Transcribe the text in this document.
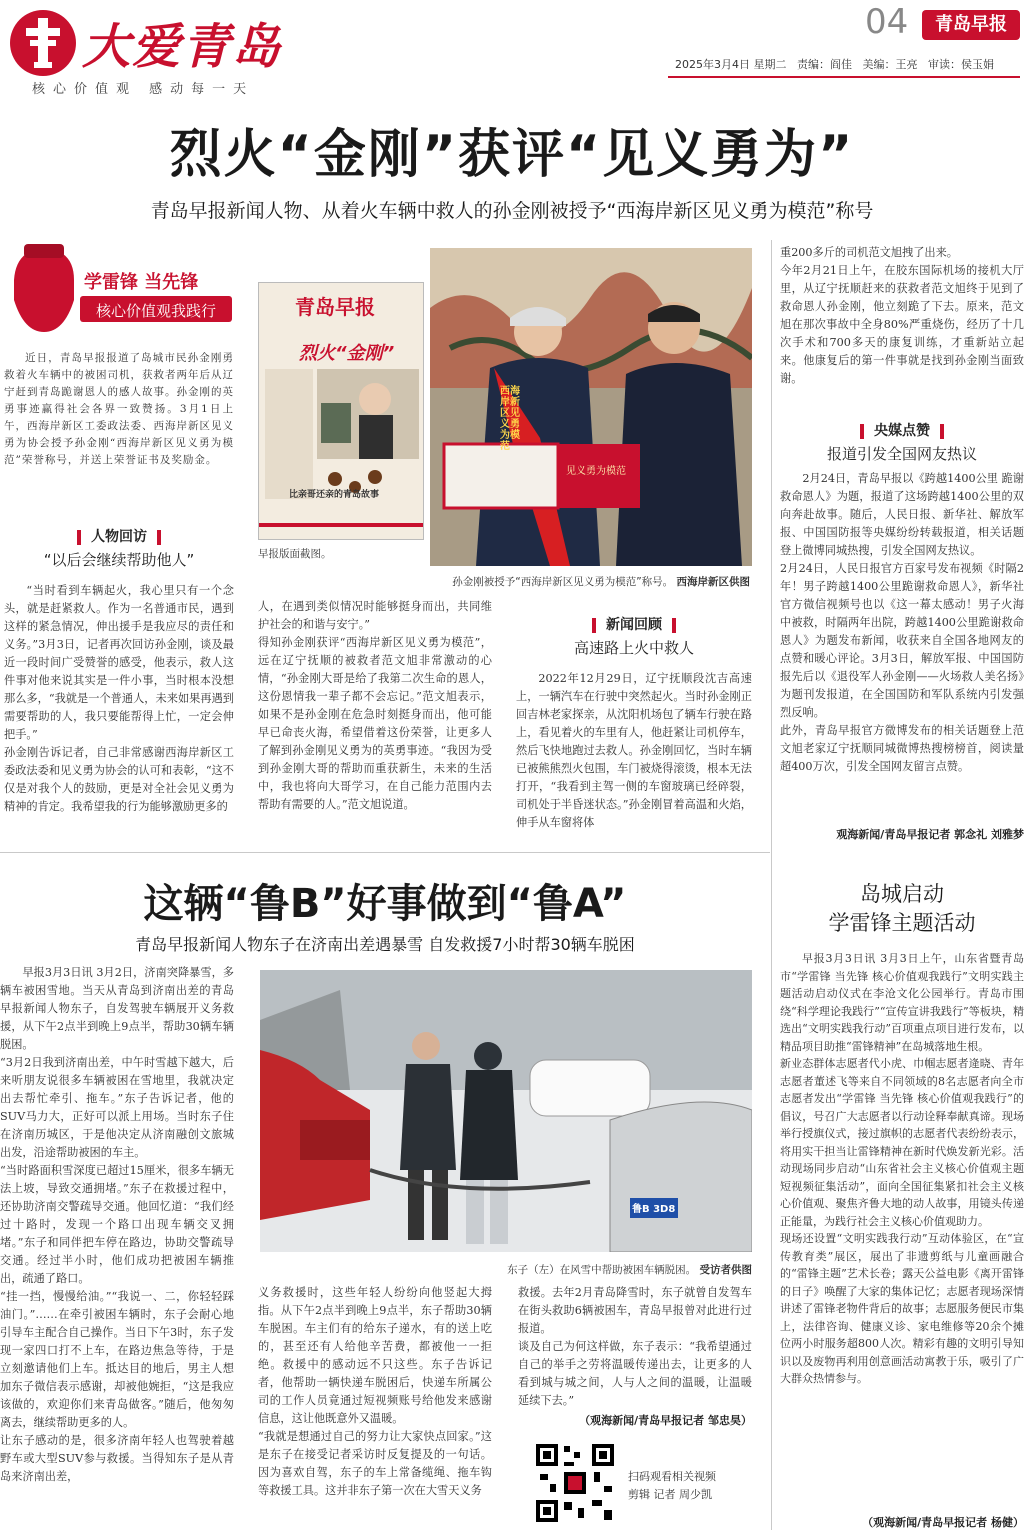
大爱青岛
核心价值观 感动每一天
04	青岛早报
2025年3月4日 星期二 责编：阎佳 美编：王亮 审读：侯玉娟
烈火“金刚”获评“见义勇为”
青岛早报新闻人物、从着火车辆中救人的孙金刚被授予“西海岸新区见义勇为模范”称号
学雷锋 当先锋
核心价值观我践行

近日，青岛早报报道了岛城市民孙金刚勇救着火车辆中的被困司机，获救者两年后从辽宁赶到青岛跪谢恩人的感人故事。孙金刚的英勇事迹赢得社会各界一致赞扬。3月1日上午，西海岸新区工委政法委、西海岸新区见义勇为协会授予孙金刚“西海岸新区见义勇为模范”荣誉称号，并送上荣誉证书及奖励金。

人物回访
“以后会继续帮助他人”
“当时看到车辆起火，我心里只有一个念头，就是赶紧救人。作为一名普通市民，遇到这样的紧急情况，伸出援手是我应尽的责任和义务。”3月3日，记者再次回访孙金刚，谈及最近一段时间广受赞誉的感受，他表示，救人这件事对他来说其实是一件小事，当时根本没想那么多，“我就是一个普通人，未来如果再遇到需要帮助的人，我只要能帮得上忙，一定会伸把手。”
孙金刚告诉记者，自己非常感谢西海岸新区工委政法委和见义勇为协会的认可和表彰，“这不仅是对我个人的鼓励，更是对全社会见义勇为精神的肯定。我希望我的行为能够激励更多的
青岛早报
烈火“金刚”
比亲哥还亲的青岛故事
早报版面截图。
西海岸新区见义勇为模范
见义勇为模范
孙金刚被授予“西海岸新区见义勇为模范”称号。 西海岸新区供图
人，在遇到类似情况时能够挺身而出，共同维护社会的和谐与安宁。”
得知孙金刚获评“西海岸新区见义勇为模范”，远在辽宁抚顺的被救者范文旭非常激动的心情，“孙金刚大哥是给了我第二次生命的恩人，这份恩情我一辈子都不会忘记。”范文旭表示，如果不是孙金刚在危急时刻挺身而出，他可能早已命丧火海，希望借着这份荣誉，让更多人了解到孙金刚见义勇为的英勇事迹。“我因为受到孙金刚大哥的帮助而重获新生，未来的生活中，我也将向大哥学习，在自己能力范围内去帮助有需要的人。”范文旭说道。
新闻回顾
高速路上火中救人

2022年12月29日，辽宁抚顺段沈吉高速上，一辆汽车在行驶中突然起火。当时孙金刚正回吉林老家探亲，从沈阳机场包了辆车行驶在路上，看见着火的车里有人，他赶紧让司机停车，然后飞快地跑过去救人。孙金刚回忆，当时车辆已被熊熊烈火包围，车门被烧得滚烫，根本无法打开，“我看到主驾一侧的车窗玻璃已经碎裂，司机处于半昏迷状态。”孙金刚冒着高温和火焰，伸手从车窗将体

重200多斤的司机范文旭拽了出来。
今年2月21日上午，在胶东国际机场的接机大厅里，从辽宁抚顺赶来的获救者范文旭终于见到了救命恩人孙金刚，他立刻跪了下去。原来，范文旭在那次事故中全身80%严重烧伤，经历了十几次手术和700多天的康复训练，才重新站立起来。他康复后的第一件事就是找到孙金刚当面致谢。
央媒点赞
报道引发全国网友热议
2月24日，青岛早报以《跨越1400公里 跪谢救命恩人》为题，报道了这场跨越1400公里的双向奔赴故事。随后，人民日报、新华社、解放军报、中国国防报等央媒纷纷转载报道，相关话题登上微博同城热搜，引发全国网友热议。
2月24日，人民日报官方百家号发布视频《时隔2年！男子跨越1400公里跪谢救命恩人》，新华社官方微信视频号也以《这一幕太感动！男子火海中被救，时隔两年出院，跨越1400公里跪谢救命恩人》为题发布新闻，收获来自全国各地网友的点赞和暖心评论。3月3日，解放军报、中国国防报先后以《退役军人孙金刚——火场救人美名扬》为题刊发报道，在全国国防和军队系统内引发强烈反响。
此外，青岛早报官方微博发布的相关话题登上范文旭老家辽宁抚顺同城微博热搜榜榜首，阅读量超400万次，引发全国网友留言点赞。
观海新闻/青岛早报记者 郭念礼 刘雅梦
这辆“鲁B”好事做到“鲁A”
青岛早报新闻人物东子在济南出差遇暴雪 自发救援7小时帮30辆车脱困
早报3月3日讯 3月2日，济南突降暴雪，多辆车被困雪地。当天从青岛到济南出差的青岛早报新闻人物东子，自发驾驶车辆展开义务救援，从下午2点半到晚上9点半，帮助30辆车辆脱困。
“3月2日我到济南出差，中午时雪越下越大，后来听朋友说很多车辆被困在雪地里，我就决定出去帮忙牵引、拖车。”东子告诉记者，他的SUV马力大，正好可以派上用场。当时东子住在济南历城区，于是他决定从济南融创文旅城出发，沿途帮助被困的车主。
“当时路面积雪深度已超过15厘米，很多车辆无法上坡，导致交通拥堵。”东子在救援过程中，还协助济南交警疏导交通。他回忆道：“我们经过十路时，发现一个路口出现车辆交叉拥堵。”东子和同伴把车停在路边，协助交警疏导交通。经过半小时，他们成功把被困车辆推出，疏通了路口。
“挂一挡，慢慢给油。”“我说一、二，你轻轻踩油门。”……在牵引被困车辆时，东子会耐心地引导车主配合自己操作。当日下午3时，东子发现一家四口打不上车，在路边焦急等待，于是立刻邀请他们上车。抵达目的地后，男主人想加东子微信表示感谢，却被他婉拒，“这是我应该做的，欢迎你们来青岛做客。”随后，他匆匆离去，继续帮助更多的人。
让东子感动的是，很多济南年轻人也驾驶着越野车或大型SUV参与救援。当得知东子是从青岛来济南出差，
鲁B 3D8
东子（左）在风雪中帮助被困车辆脱困。 受访者供图
义务救援时，这些年轻人纷纷向他竖起大拇指。从下午2点半到晚上9点半，东子帮助30辆车脱困。车主们有的给东子递水，有的送上吃的，甚至还有人给他辛苦费，都被他一一拒绝。救援中的感动远不只这些。东子告诉记者，他帮助一辆快递车脱困后，快递车所属公司的工作人员竟通过短视频账号给他发来感谢信息，这让他既意外又温暖。
“我就是想通过自己的努力让大家快点回家。”这是东子在接受记者采访时反复提及的一句话。因为喜欢自驾，东子的车上常备缆绳、拖车钩等救援工具。这并非东子第一次在大雪天义务
救援。去年2月青岛降雪时，东子就曾自发驾车在街头救助6辆被困车，青岛早报曾对此进行过报道。
谈及自己为何这样做，东子表示：“我希望通过自己的举手之劳将温暖传递出去，让更多的人看到城与城之间，人与人之间的温暖，让温暖延续下去。”
（观海新闻/青岛早报记者 邹忠昊）
扫码观看相关视频
剪辑 记者 周少凯
岛城启动
学雷锋主题活动
早报3月3日讯 3月3日上午，山东省暨青岛市“学雷锋 当先锋 核心价值观我践行”文明实践主题活动启动仪式在李沧文化公园举行。青岛市围绕“科学理论我践行”“宣传宣讲我践行”等板块，精选出“文明实践我行动”百项重点项目进行发布，以精品项目助推“雷锋精神”在岛城落地生根。
新业态群体志愿者代小虎、巾帼志愿者逄晓、青年志愿者董述飞等来自不同领域的8名志愿者向全市志愿者发出“学雷锋 当先锋 核心价值观我践行”的倡议，号召广大志愿者以行动诠释奉献真谛。现场举行授旗仪式，接过旗帜的志愿者代表纷纷表示，将用实干担当让雷锋精神在新时代焕发新光彩。活动现场同步启动“山东省社会主义核心价值观主题短视频征集活动”，面向全国征集紧扣社会主义核心价值观、聚焦齐鲁大地的动人故事，用镜头传递正能量，为践行社会主义核心价值观助力。
现场还设置“文明实践我行动”互动体验区，在“宣传教育类”展区，展出了非遗剪纸与儿童画融合的“雷锋主题”艺术长卷；露天公益电影《离开雷锋的日子》唤醒了大家的集体记忆；志愿者现场深情讲述了雷锋老物件背后的故事；志愿服务便民市集上，法律咨询、健康义诊、家电维修等20余个摊位两小时服务超800人次。精彩有趣的文明引导知识以及废物再利用创意画活动寓教于乐，吸引了广大群众热情参与。
（观海新闻/青岛早报记者 杨健）
